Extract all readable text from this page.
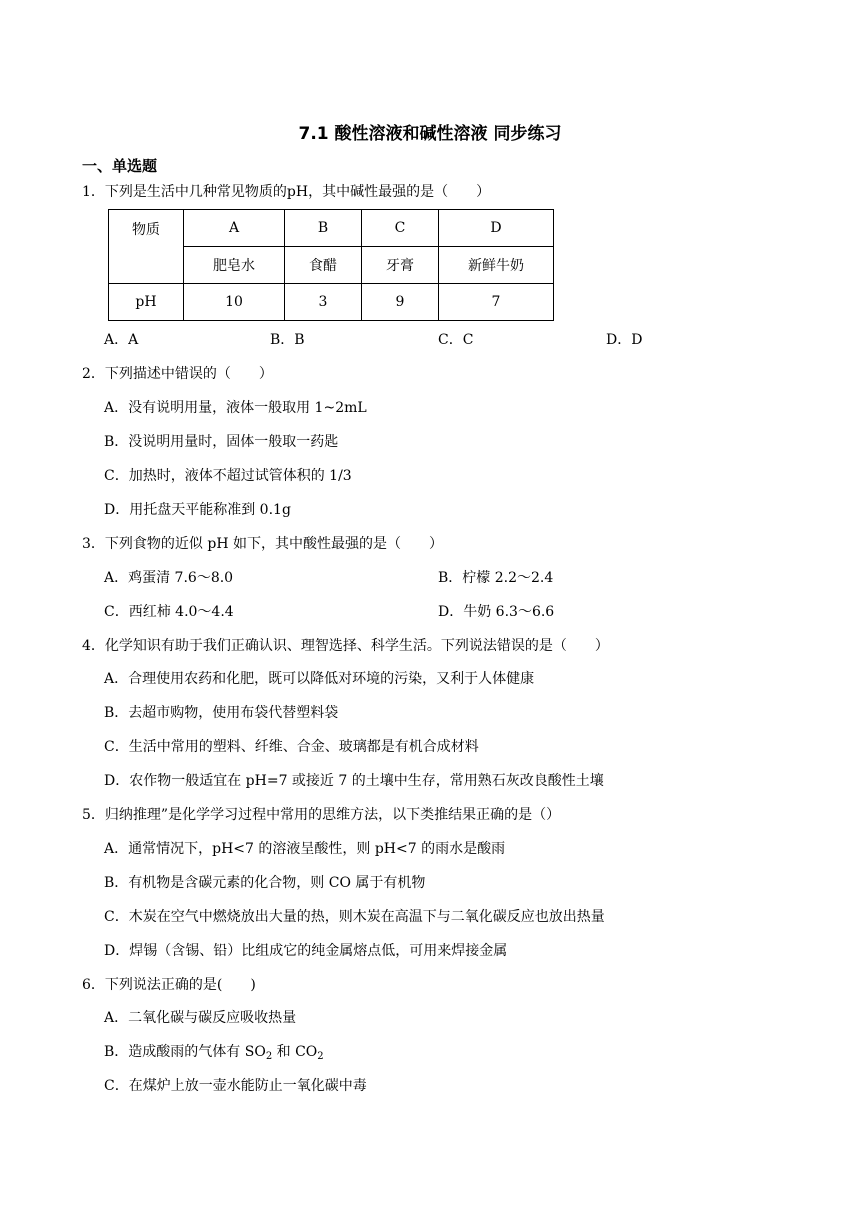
7.1 酸性溶液和碱性溶液 同步练习
一、单选题
1．下列是生活中几种常见物质的pH，其中碱性最强的是（　　）
物质	A	B	C	D
	肥皂水	食醋	牙膏	新鲜牛奶
pH	10	3	9	7
A．A	B．B	C．C	D．D
2．下列描述中错误的（　　）
A．没有说明用量，液体一般取用 1~2mL
B．没说明用量时，固体一般取一药匙
C．加热时，液体不超过试管体积的 1/3
D．用托盘天平能称准到 0.1g
3．下列食物的近似 pH 如下，其中酸性最强的是（　　）
A．鸡蛋清 7.6～8.0	B．柠檬 2.2～2.4
C．西红柿 4.0～4.4	D．牛奶 6.3～6.6
4．化学知识有助于我们正确认识、理智选择、科学生活。下列说法错误的是（　　）
A．合理使用农药和化肥，既可以降低对环境的污染，又利于人体健康
B．去超市购物，使用布袋代替塑料袋
C．生活中常用的塑料、纤维、合金、玻璃都是有机合成材料
D．农作物一般适宜在 pH=7 或接近 7 的土壤中生存，常用熟石灰改良酸性土壤
5．归纳推理”是化学学习过程中常用的思维方法，以下类推结果正确的是（）
A．通常情况下，pH<7 的溶液呈酸性，则 pH<7 的雨水是酸雨
B．有机物是含碳元素的化合物，则 CO 属于有机物
C．木炭在空气中燃烧放出大量的热，则木炭在高温下与二氧化碳反应也放出热量
D．焊锡（含锡、铅）比组成它的纯金属熔点低，可用来焊接金属
6．下列说法正确的是(　　)
A．二氧化碳与碳反应吸收热量
B．造成酸雨的气体有 $SO_2$ 和 $CO_2$
C．在煤炉上放一壶水能防止一氧化碳中毒
